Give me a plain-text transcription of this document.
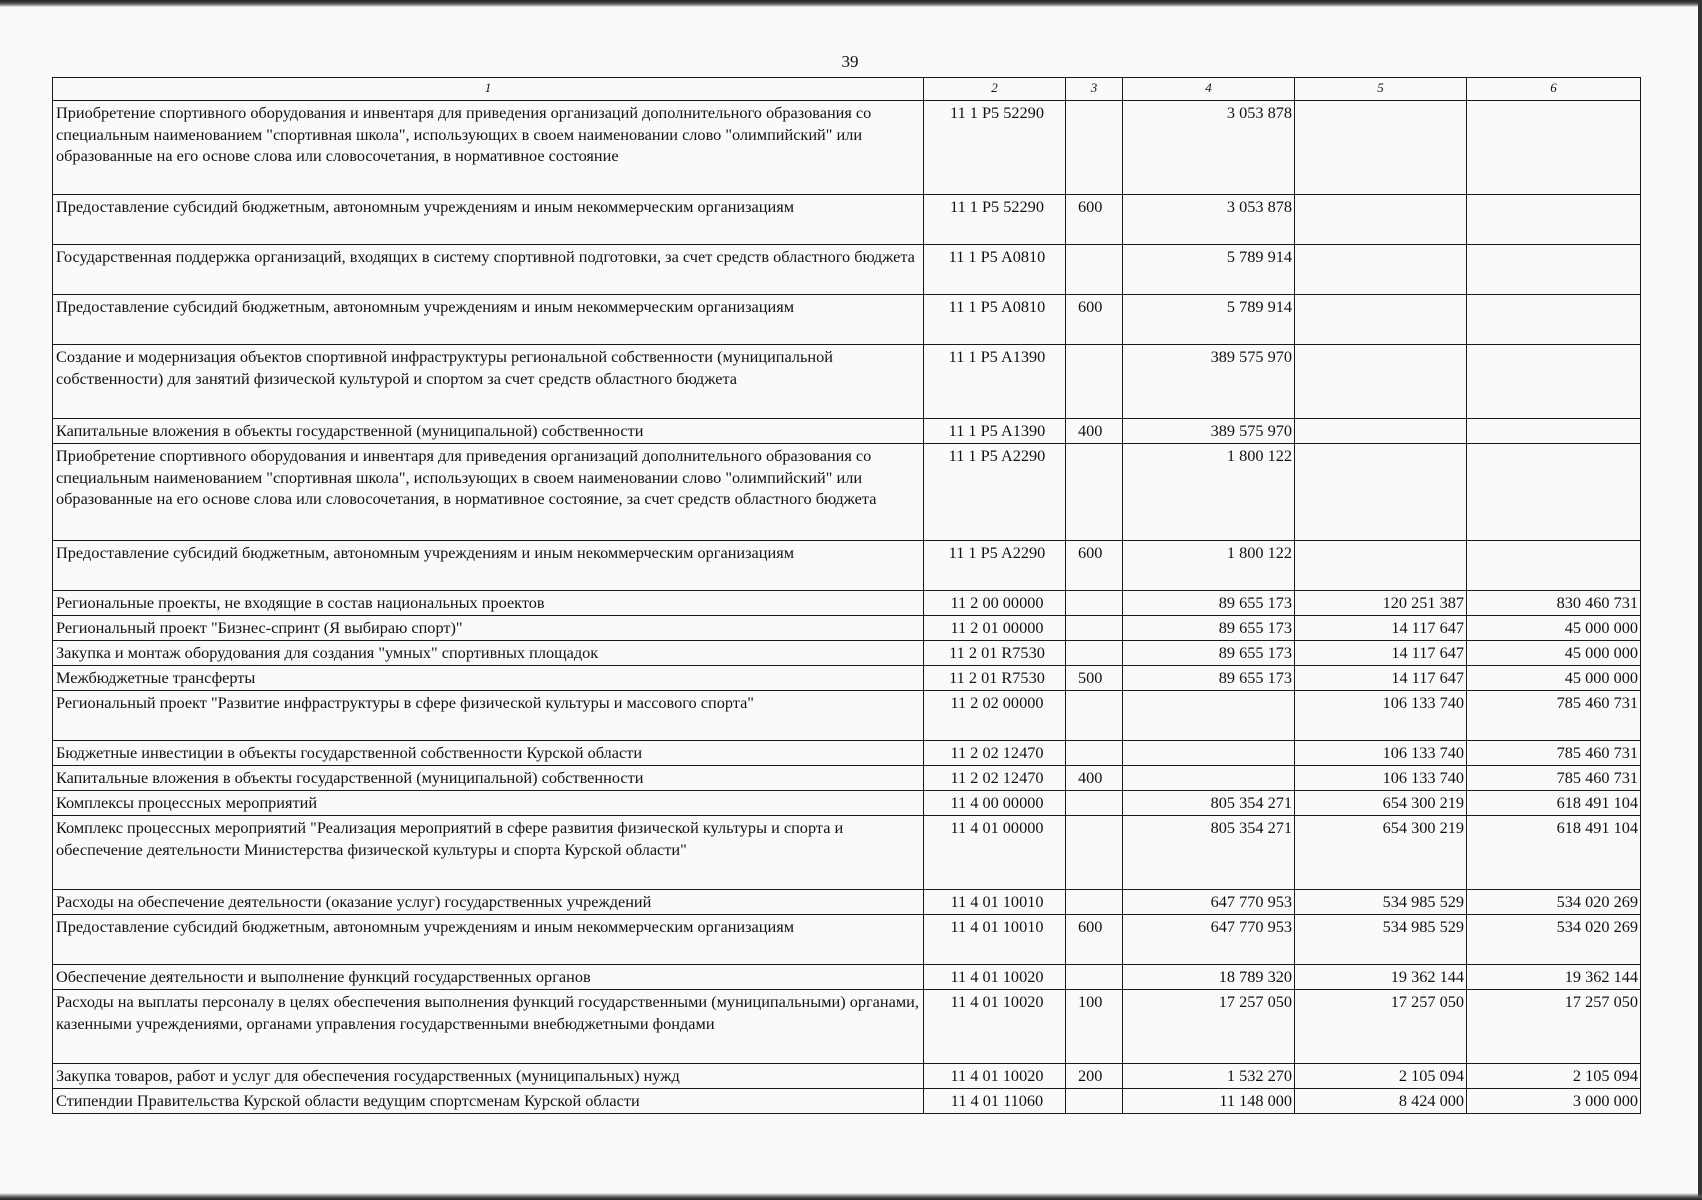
39
1	2	3	4	5	6
Приобретение спортивного оборудования и инвентаря для приведения организаций дополнительного образования со специальным наименованием "спортивная школа", использующих в своем наименовании слово "олимпийский" или образованные на его основе слова или словосочетания, в нормативное состояние	11 1 P5 52290		3 053 878		
Предоставление субсидий бюджетным, автономным учреждениям и иным некоммерческим организациям	11 1 P5 52290	600	3 053 878		
Государственная поддержка организаций, входящих в систему спортивной подготовки, за счет средств областного бюджета	11 1 P5 A0810		5 789 914		
Предоставление субсидий бюджетным, автономным учреждениям и иным некоммерческим организациям	11 1 P5 A0810	600	5 789 914		
Создание и модернизация объектов спортивной инфраструктуры региональной собственности (муниципальной собственности) для занятий физической культурой и спортом за счет средств областного бюджета	11 1 P5 A1390		389 575 970		
Капитальные вложения в объекты государственной (муниципальной) собственности	11 1 P5 A1390	400	389 575 970		
Приобретение спортивного оборудования и инвентаря для приведения организаций дополнительного образования со специальным наименованием "спортивная школа", использующих в своем наименовании слово "олимпийский" или образованные на его основе слова или словосочетания, в нормативное состояние, за счет средств областного бюджета	11 1 P5 A2290		1 800 122		
Предоставление субсидий бюджетным, автономным учреждениям и иным некоммерческим организациям	11 1 P5 A2290	600	1 800 122		
Региональные проекты, не входящие в состав национальных проектов	11 2 00 00000		89 655 173	120 251 387	830 460 731
Региональный проект "Бизнес-спринт (Я выбираю спорт)"	11 2 01 00000		89 655 173	14 117 647	45 000 000
Закупка и монтаж оборудования для создания "умных" спортивных площадок	11 2 01 R7530		89 655 173	14 117 647	45 000 000
Межбюджетные трансферты	11 2 01 R7530	500	89 655 173	14 117 647	45 000 000
Региональный проект "Развитие инфраструктуры в сфере физической культуры и массового спорта"	11 2 02 00000			106 133 740	785 460 731
Бюджетные инвестиции в объекты государственной собственности Курской области	11 2 02 12470			106 133 740	785 460 731
Капитальные вложения в объекты государственной (муниципальной) собственности	11 2 02 12470	400		106 133 740	785 460 731
Комплексы процессных мероприятий	11 4 00 00000		805 354 271	654 300 219	618 491 104
Комплекс процессных мероприятий "Реализация мероприятий в сфере развития физической культуры и спорта и обеспечение деятельности Министерства физической культуры и спорта Курской области"	11 4 01 00000		805 354 271	654 300 219	618 491 104
Расходы на обеспечение деятельности (оказание услуг) государственных учреждений	11 4 01 10010		647 770 953	534 985 529	534 020 269
Предоставление субсидий бюджетным, автономным учреждениям и иным некоммерческим организациям	11 4 01 10010	600	647 770 953	534 985 529	534 020 269
Обеспечение деятельности и выполнение функций государственных органов	11 4 01 10020		18 789 320	19 362 144	19 362 144
Расходы на выплаты персоналу в целях обеспечения выполнения функций государственными (муниципальными) органами, казенными учреждениями, органами управления государственными внебюджетными фондами	11 4 01 10020	100	17 257 050	17 257 050	17 257 050
Закупка товаров, работ и услуг для обеспечения государственных (муниципальных) нужд	11 4 01 10020	200	1 532 270	2 105 094	2 105 094
Стипендии Правительства Курской области ведущим спортсменам Курской области	11 4 01 11060		11 148 000	8 424 000	3 000 000
